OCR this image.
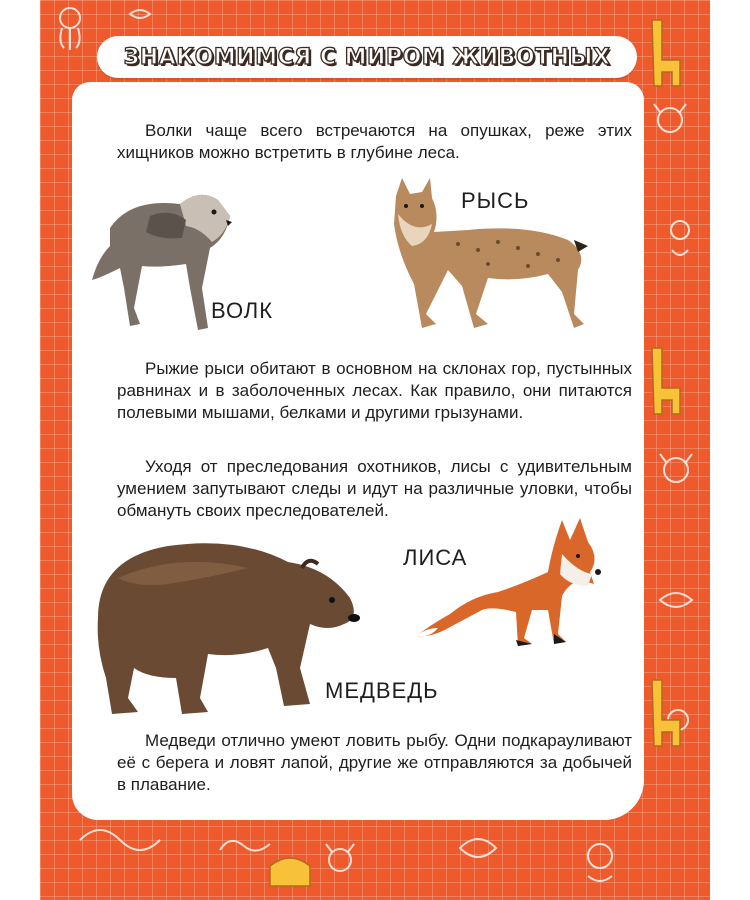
ЗНАКОМИМСЯ С МИРОМ ЖИВОТНЫХ

Волки чаще всего встречаются на опушках, реже этих хищников можно встретить в глубине леса.

ВОЛК
РЫСЬ

Рыжие рыси обитают в основном на склонах гор, пустынных равнинах и в заболоченных лесах. Как правило, они питаются полевыми мышами, белками и другими грызунами.

Уходя от преследования охотников, лисы с удивительным умением запутывают следы и идут на различные уловки, чтобы обмануть своих преследователей.

МЕДВЕДЬ
ЛИСА

Медведи отлично умеют ловить рыбу. Одни подкарауливают её с берега и ловят лапой, другие же отправляются за добычей в плавание.
